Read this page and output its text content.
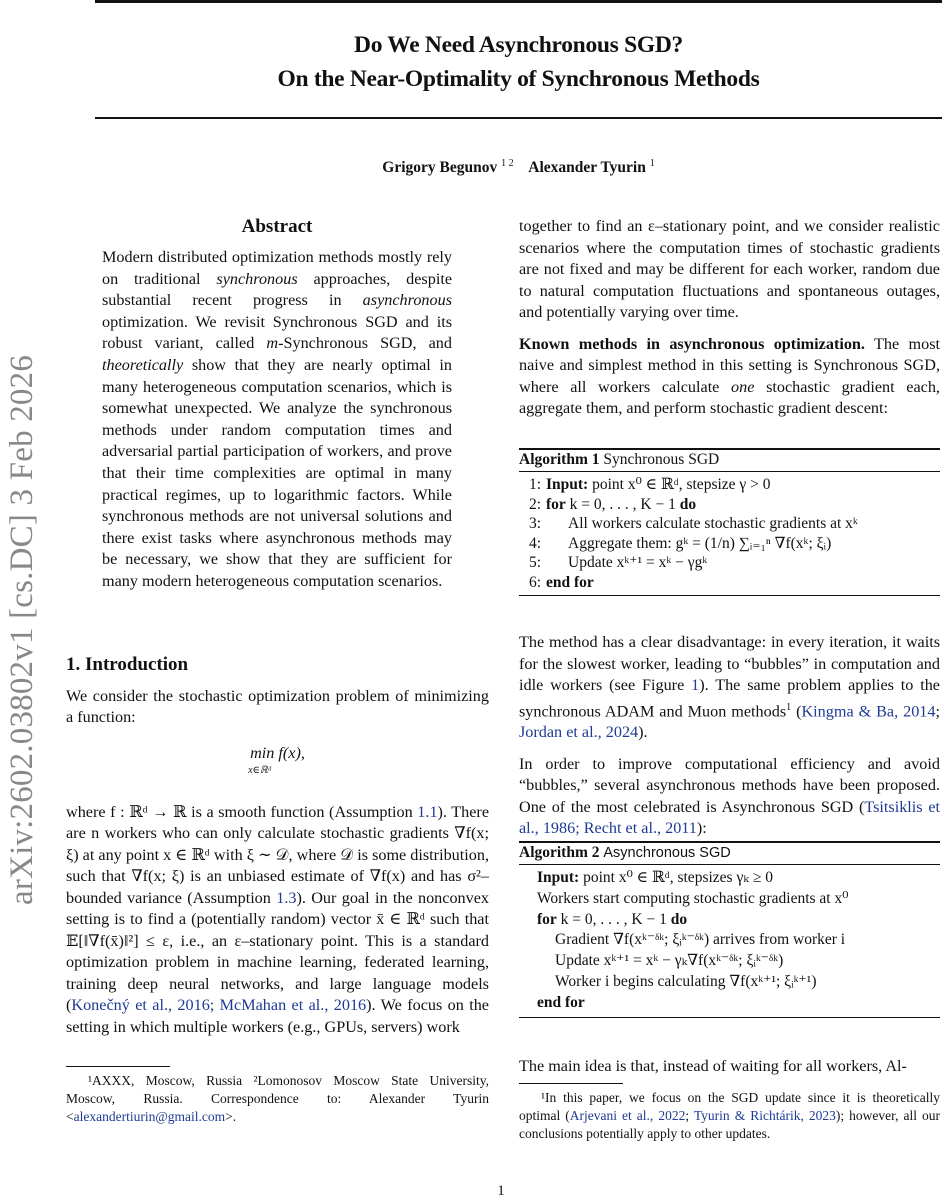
Do We Need Asynchronous SGD?
On the Near-Optimality of Synchronous Methods
Grigory Begunov $^{1 2}$ Alexander Tyurin $^1$
arXiv:2602.03802v1 [cs.DC] 3 Feb 2026
Abstract
Modern distributed optimization methods mostly rely on traditional synchronous approaches, despite substantial recent progress in asynchronous optimization. We revisit Synchronous SGD and its robust variant, called m-Synchronous SGD, and theoretically show that they are nearly optimal in many heterogeneous computation scenarios, which is somewhat unexpected. We analyze the synchronous methods under random computation times and adversarial partial participation of workers, and prove that their time complexities are optimal in many practical regimes, up to logarithmic factors. While synchronous methods are not universal solutions and there exist tasks where asynchronous methods may be necessary, we show that they are sufficient for many modern heterogeneous computation scenarios.
1. Introduction

We consider the stochastic optimization problem of minimizing a function:

min f(x),
$^{x\in ℝᵈ}$

where f : ℝᵈ → ℝ is a smooth function (Assumption 1.1). There are n workers who can only calculate stochastic gradients ∇f(x; ξ) at any point x ∈ ℝᵈ with ξ ∼ 𝒟, where 𝒟 is some distribution, such that ∇f(x; ξ) is an unbiased estimate of ∇f(x) and has σ²–bounded variance (Assumption 1.3). Our goal in the nonconvex setting is to find a (potentially random) vector x̄ ∈ ℝᵈ such that 𝔼[‖∇f(x̄)‖²] ≤ ε, i.e., an ε–stationary point. This is a standard optimization problem in machine learning, federated learning, training deep neural networks, and large language models (Konečný et al., 2016; McMahan et al., 2016). We focus on the setting in which multiple workers (e.g., GPUs, servers) work

¹AXXX, Moscow, Russia ²Lomonosov Moscow State University, Moscow, Russia. Correspondence to: Alexander Tyurin <alexandertiurin@gmail.com>.

together to find an ε–stationary point, and we consider realistic scenarios where the computation times of stochastic gradients are not fixed and may be different for each worker, random due to natural computation fluctuations and spontaneous outages, and potentially varying over time.

Known methods in asynchronous optimization. The most naive and simplest method in this setting is Synchronous SGD, where all workers calculate one stochastic gradient each, aggregate them, and perform stochastic gradient descent:

Algorithm 1 Synchronous SGD
1: Input: point x⁰ ∈ ℝᵈ, stepsize γ > 0
2: for k = 0, . . . , K − 1 do
3:	All workers calculate stochastic gradients at xᵏ
4:	Aggregate them: gᵏ = (1/n) ∑ᵢ₌₁ⁿ ∇f(xᵏ; ξᵢ)
5:	Update xᵏ⁺¹ = xᵏ − γgᵏ
6: end for

The method has a clear disadvantage: in every iteration, it waits for the slowest worker, leading to “bubbles” in computation and idle workers (see Figure 1). The same problem applies to the synchronous ADAM and Muon methods$^1$ (Kingma & Ba, 2014; Jordan et al., 2024).

In order to improve computational efficiency and avoid “bubbles,” several asynchronous methods have been proposed. One of the most celebrated is Asynchronous SGD (Tsitsiklis et al., 1986; Recht et al., 2011):

Algorithm 2 Asynchronous SGD
Input: point x⁰ ∈ ℝᵈ, stepsizes γₖ ≥ 0
Workers start computing stochastic gradients at x⁰
for k = 0, . . . , K − 1 do
Gradient ∇f(xᵏ⁻ᵟᵏ; ξᵢᵏ⁻ᵟᵏ) arrives from worker i
Update xᵏ⁺¹ = xᵏ − γₖ∇f(xᵏ⁻ᵟᵏ; ξᵢᵏ⁻ᵟᵏ)
Worker i begins calculating ∇f(xᵏ⁺¹; ξᵢᵏ⁺¹)
end for

The main idea is that, instead of waiting for all workers, Al-

¹In this paper, we focus on the SGD update since it is theoretically optimal (Arjevani et al., 2022; Tyurin & Richtárik, 2023); however, all our conclusions potentially apply to other updates.

1
